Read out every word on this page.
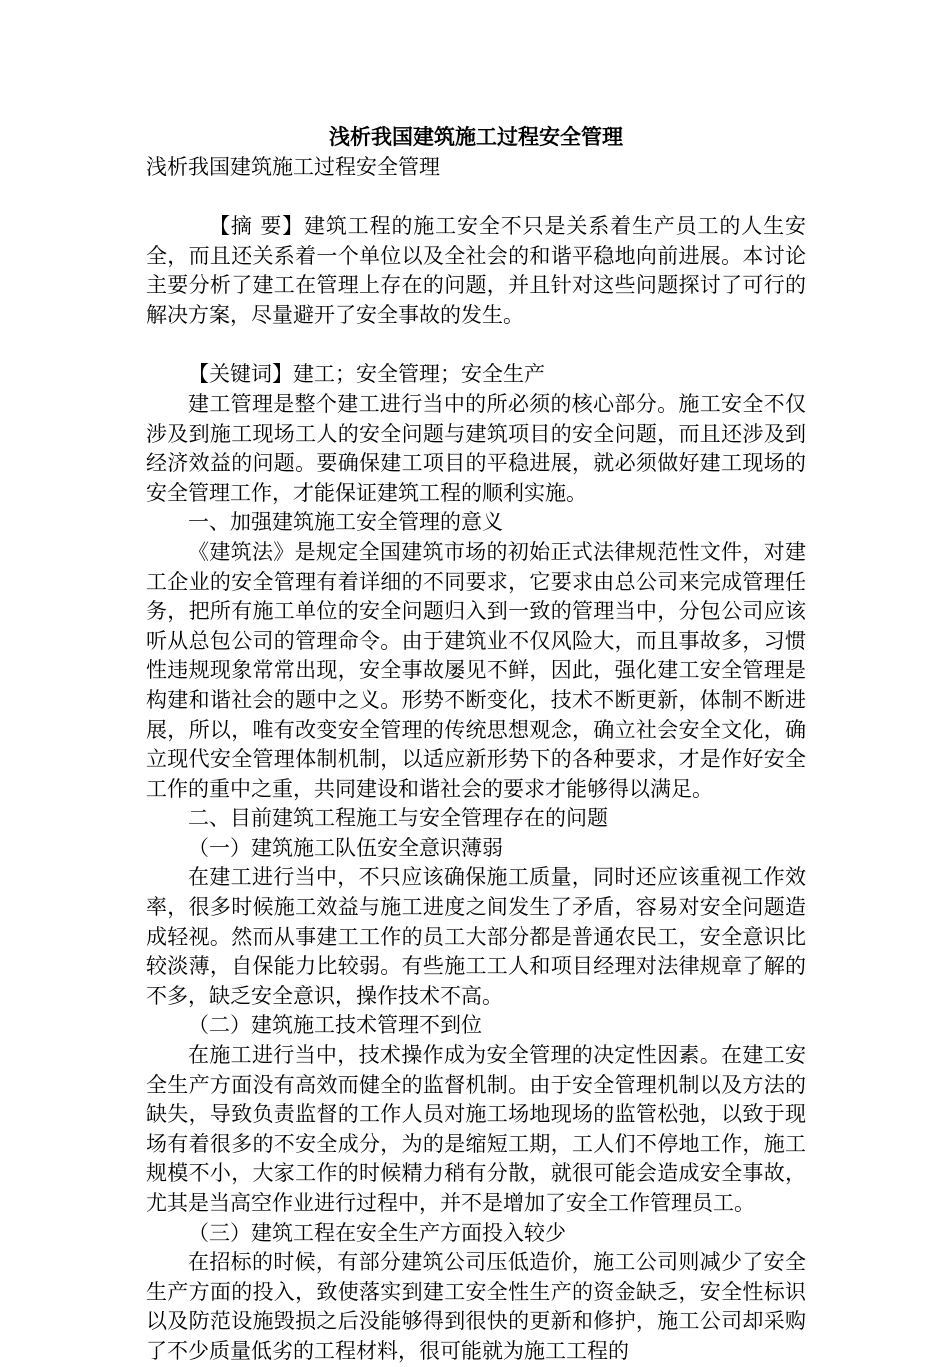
浅析我国建筑施工过程安全管理

浅析我国建筑施工过程安全管理

【摘 要】建筑工程的施工安全不只是关系着生产员工的人生安全，而且还关系着一个单位以及全社会的和谐平稳地向前进展。本讨论主要分析了建工在管理上存在的问题，并且针对这些问题探讨了可行的解决方案，尽量避开了安全事故的发生。

【关键词】建工；安全管理；安全生产

建工管理是整个建工进行当中的所必须的核心部分。施工安全不仅涉及到施工现场工人的安全问题与建筑项目的安全问题，而且还涉及到经济效益的问题。要确保建工项目的平稳进展，就必须做好建工现场的安全管理工作，才能保证建筑工程的顺利实施。

一、加强建筑施工安全管理的意义

《建筑法》是规定全国建筑市场的初始正式法律规范性文件，对建工企业的安全管理有着详细的不同要求，它要求由总公司来完成管理任务，把所有施工单位的安全问题归入到一致的管理当中，分包公司应该听从总包公司的管理命令。由于建筑业不仅风险大，而且事故多，习惯性违规现象常常出现，安全事故屡见不鲜，因此，强化建工安全管理是构建和谐社会的题中之义。形势不断变化，技术不断更新，体制不断进展，所以，唯有改变安全管理的传统思想观念，确立社会安全文化，确立现代安全管理体制机制，以适应新形势下的各种要求，才是作好安全工作的重中之重，共同建设和谐社会的要求才能够得以满足。

二、目前建筑工程施工与安全管理存在的问题

（一）建筑施工队伍安全意识薄弱

在建工进行当中，不只应该确保施工质量，同时还应该重视工作效率，很多时候施工效益与施工进度之间发生了矛盾，容易对安全问题造成轻视。然而从事建工工作的员工大部分都是普通农民工，安全意识比较淡薄，自保能力比较弱。有些施工工人和项目经理对法律规章了解的不多，缺乏安全意识，操作技术不高。

（二）建筑施工技术管理不到位

在施工进行当中，技术操作成为安全管理的决定性因素。在建工安全生产方面没有高效而健全的监督机制。由于安全管理机制以及方法的缺失，导致负责监督的工作人员对施工场地现场的监管松弛，以致于现场有着很多的不安全成分，为的是缩短工期，工人们不停地工作，施工规模不小，大家工作的时候精力稍有分散，就很可能会造成安全事故，尤其是当高空作业进行过程中，并不是增加了安全工作管理员工。

（三）建筑工程在安全生产方面投入较少

在招标的时候，有部分建筑公司压低造价，施工公司则减少了安全生产方面的投入，致使落实到建工安全性生产的资金缺乏，安全性标识以及防范设施毁损之后没能够得到很快的更新和修护，施工公司却采购了不少质量低劣的工程材料，很可能就为施工工程的
